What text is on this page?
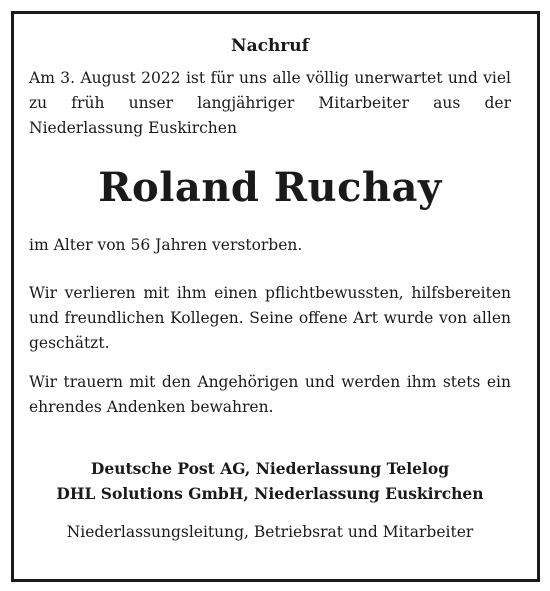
Nachruf

Am 3. August 2022 ist für uns alle völlig unerwartet und viel zu früh unser langjähriger Mitarbeiter aus der Niederlassung Euskirchen

Roland Ruchay

im Alter von 56 Jahren verstorben.

Wir verlieren mit ihm einen pflichtbewussten, hilfsbereiten und freundlichen Kollegen. Seine offene Art wurde von allen geschätzt.

Wir trauern mit den Angehörigen und werden ihm stets ein ehrendes Andenken bewahren.

Deutsche Post AG, Niederlassung Telelog
DHL Solutions GmbH, Niederlassung Euskirchen
Niederlassungsleitung, Betriebsrat und Mitarbeiter
